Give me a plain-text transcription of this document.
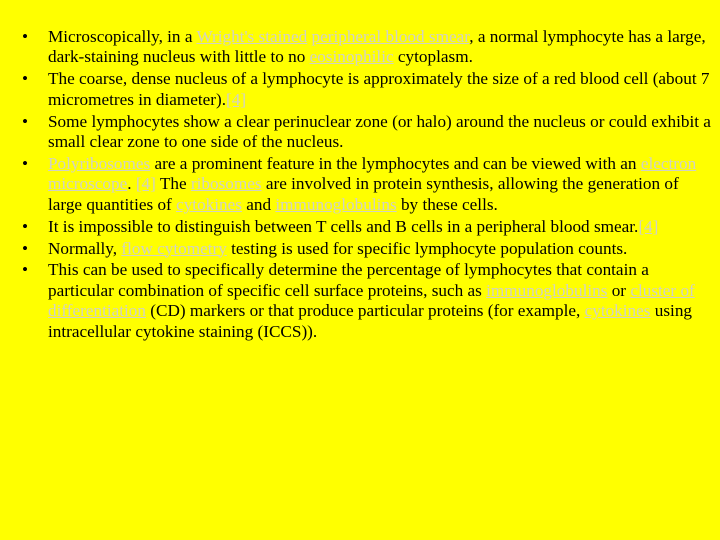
• Microscopically, in a Wright's stained peripheral blood smear, a normal lymphocyte has a large, dark-staining nucleus with little to no eosinophilic cytoplasm.
• The coarse, dense nucleus of a lymphocyte is approximately the size of a red blood cell (about 7 micrometres in diameter).[4]
• Some lymphocytes show a clear perinuclear zone (or halo) around the nucleus or could exhibit a small clear zone to one side of the nucleus.
• Polyribosomes are a prominent feature in the lymphocytes and can be viewed with an electron microscope. [4] The ribosomes are involved in protein synthesis, allowing the generation of large quantities of cytokines and immunoglobulins by these cells.
• It is impossible to distinguish between T cells and B cells in a peripheral blood smear.[4]
• Normally, flow cytometry testing is used for specific lymphocyte population counts.
• This can be used to specifically determine the percentage of lymphocytes that contain a particular combination of specific cell surface proteins, such as immunoglobulins or cluster of differentiation (CD) markers or that produce particular proteins (for example, cytokines using intracellular cytokine staining (ICCS)).
